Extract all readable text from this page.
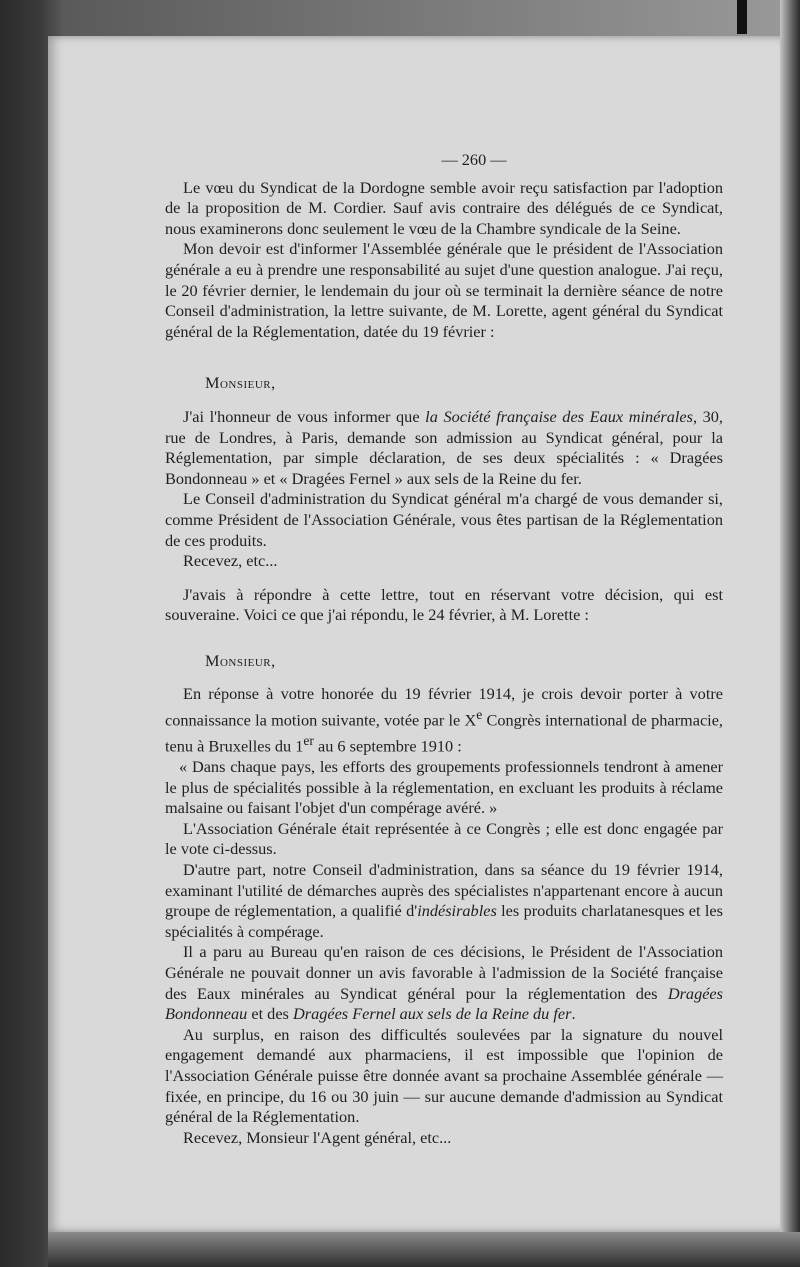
— 260 —

Le vœu du Syndicat de la Dordogne semble avoir reçu satisfaction par l'adoption de la proposition de M. Cordier. Sauf avis contraire des délégués de ce Syndicat, nous examinerons donc seulement le vœu de la Chambre syndicale de la Seine.

Mon devoir est d'informer l'Assemblée générale que le président de l'Association générale a eu à prendre une responsabilité au sujet d'une question analogue. J'ai reçu, le 20 février dernier, le lendemain du jour où se terminait la dernière séance de notre Conseil d'administration, la lettre suivante, de M. Lorette, agent général du Syndicat général de la Réglementation, datée du 19 février :

Monsieur,

J'ai l'honneur de vous informer que la Société française des Eaux minérales, 30, rue de Londres, à Paris, demande son admission au Syndicat général, pour la Réglementation, par simple déclaration, de ses deux spécialités : « Dragées Bondonneau » et « Dragées Fernel » aux sels de la Reine du fer.

Le Conseil d'administration du Syndicat général m'a chargé de vous demander si, comme Président de l'Association Générale, vous êtes partisan de la Réglementation de ces produits.

Recevez, etc...

J'avais à répondre à cette lettre, tout en réservant votre décision, qui est souveraine. Voici ce que j'ai répondu, le 24 février, à M. Lorette :

Monsieur,

En réponse à votre honorée du 19 février 1914, je crois devoir porter à votre connaissance la motion suivante, votée par le Xe Congrès international de pharmacie, tenu à Bruxelles du 1er au 6 septembre 1910 :

« Dans chaque pays, les efforts des groupements professionnels tendront à amener le plus de spécialités possible à la réglementation, en excluant les produits à réclame malsaine ou faisant l'objet d'un compérage avéré. »

L'Association Générale était représentée à ce Congrès ; elle est donc engagée par le vote ci-dessus.

D'autre part, notre Conseil d'administration, dans sa séance du 19 février 1914, examinant l'utilité de démarches auprès des spécialistes n'appartenant encore à aucun groupe de réglementation, a qualifié d'indésirables les produits charlatanesques et les spécialités à compérage.

Il a paru au Bureau qu'en raison de ces décisions, le Président de l'Association Générale ne pouvait donner un avis favorable à l'admission de la Société française des Eaux minérales au Syndicat général pour la réglementation des Dragées Bondonneau et des Dragées Fernel aux sels de la Reine du fer.

Au surplus, en raison des difficultés soulevées par la signature du nouvel engagement demandé aux pharmaciens, il est impossible que l'opinion de l'Association Générale puisse être donnée avant sa prochaine Assemblée générale — fixée, en principe, du 16 ou 30 juin — sur aucune demande d'admission au Syndicat général de la Réglementation.

Recevez, Monsieur l'Agent général, etc...
